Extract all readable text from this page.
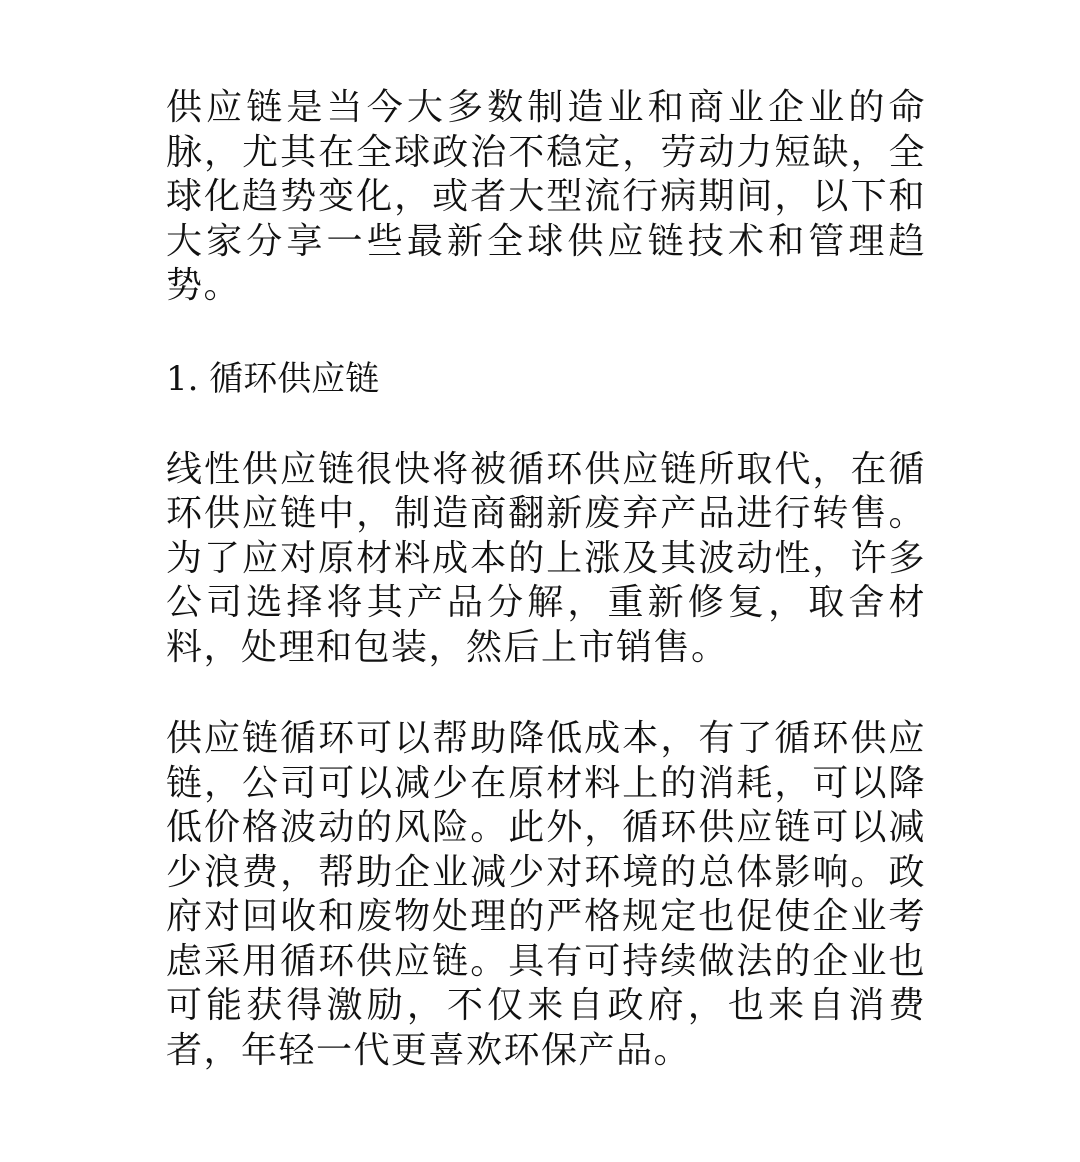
供应链是当今大多数制造业和商业企业的命脉，尤其在全球政治不稳定，劳动力短缺，全球化趋势变化，或者大型流行病期间，以下和大家分享一些最新全球供应链技术和管理趋势。

1. 循环供应链

线性供应链很快将被循环供应链所取代，在循环供应链中，制造商翻新废弃产品进行转售。为了应对原材料成本的上涨及其波动性，许多公司选择将其产品分解，重新修复，取舍材料，处理和包装，然后上市销售。

供应链循环可以帮助降低成本，有了循环供应链，公司可以减少在原材料上的消耗，可以降低价格波动的风险。此外，循环供应链可以减少浪费，帮助企业减少对环境的总体影响。政府对回收和废物处理的严格规定也促使企业考虑采用循环供应链。具有可持续做法的企业也可能获得激励，不仅来自政府，也来自消费者，年轻一代更喜欢环保产品。
